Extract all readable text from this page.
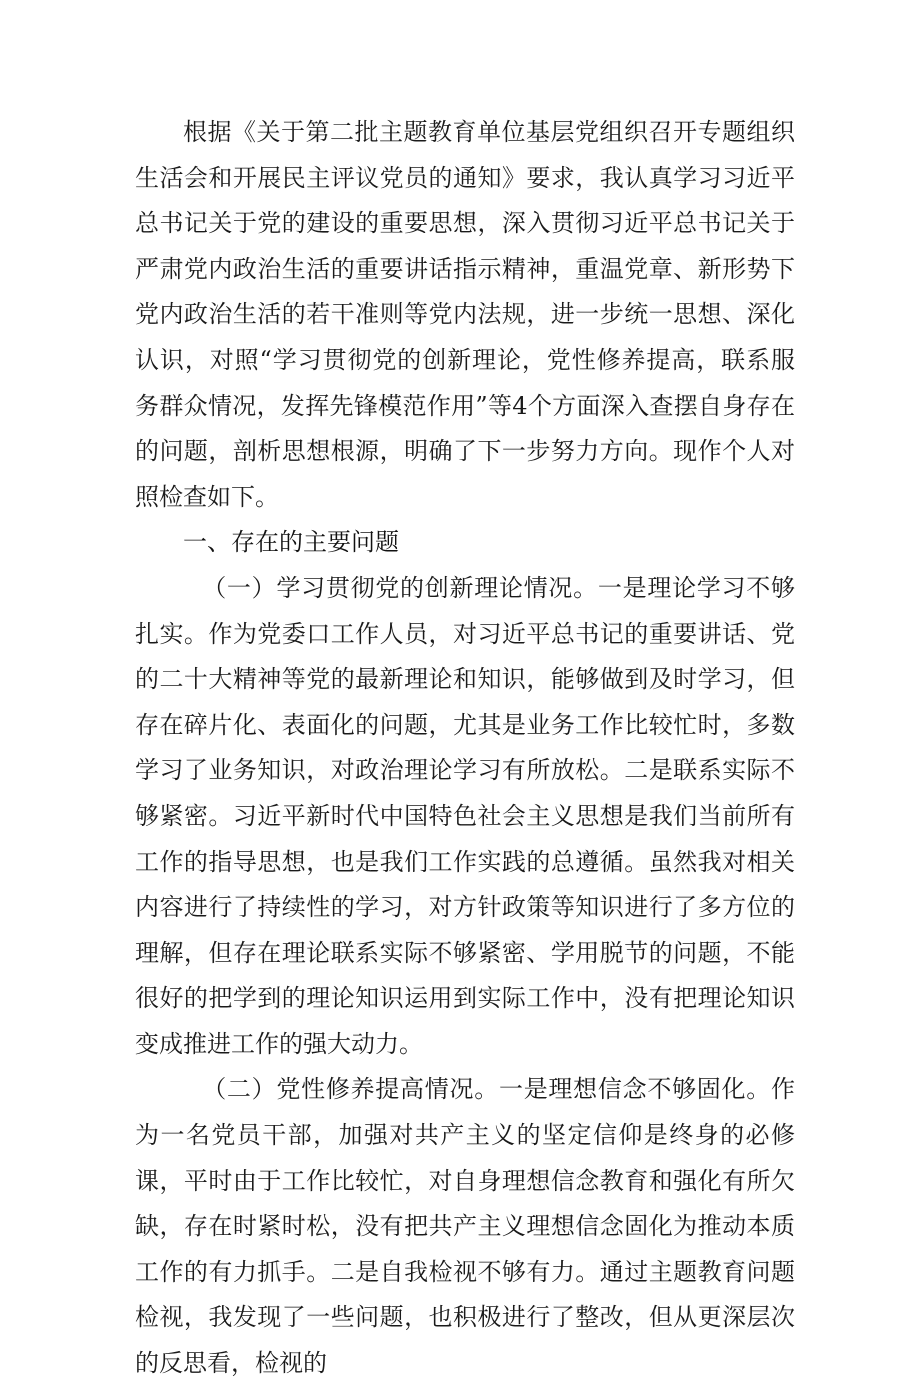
根据《关于第二批主题教育单位基层党组织召开专题组织生活会和开展民主评议党员的通知》要求，我认真学习习近平总书记关于党的建设的重要思想，深入贯彻习近平总书记关于严肃党内政治生活的重要讲话指示精神，重温党章、新形势下党内政治生活的若干准则等党内法规，进一步统一思想、深化认识，对照“学习贯彻党的创新理论，党性修养提高，联系服务群众情况，发挥先锋模范作用”等4个方面深入查摆自身存在的问题，剖析思想根源，明确了下一步努力方向。现作个人对照检查如下。

一、存在的主要问题

（一）学习贯彻党的创新理论情况。一是理论学习不够扎实。作为党委口工作人员，对习近平总书记的重要讲话、党的二十大精神等党的最新理论和知识，能够做到及时学习，但存在碎片化、表面化的问题，尤其是业务工作比较忙时，多数学习了业务知识，对政治理论学习有所放松。二是联系实际不够紧密。习近平新时代中国特色社会主义思想是我们当前所有工作的指导思想，也是我们工作实践的总遵循。虽然我对相关内容进行了持续性的学习，对方针政策等知识进行了多方位的理解，但存在理论联系实际不够紧密、学用脱节的问题，不能很好的把学到的理论知识运用到实际工作中，没有把理论知识变成推进工作的强大动力。

（二）党性修养提高情况。一是理想信念不够固化。作为一名党员干部，加强对共产主义的坚定信仰是终身的必修课，平时由于工作比较忙，对自身理想信念教育和强化有所欠缺，存在时紧时松，没有把共产主义理想信念固化为推动本质工作的有力抓手。二是自我检视不够有力。通过主题教育问题检视，我发现了一些问题，也积极进行了整改，但从更深层次的反思看，检视的
